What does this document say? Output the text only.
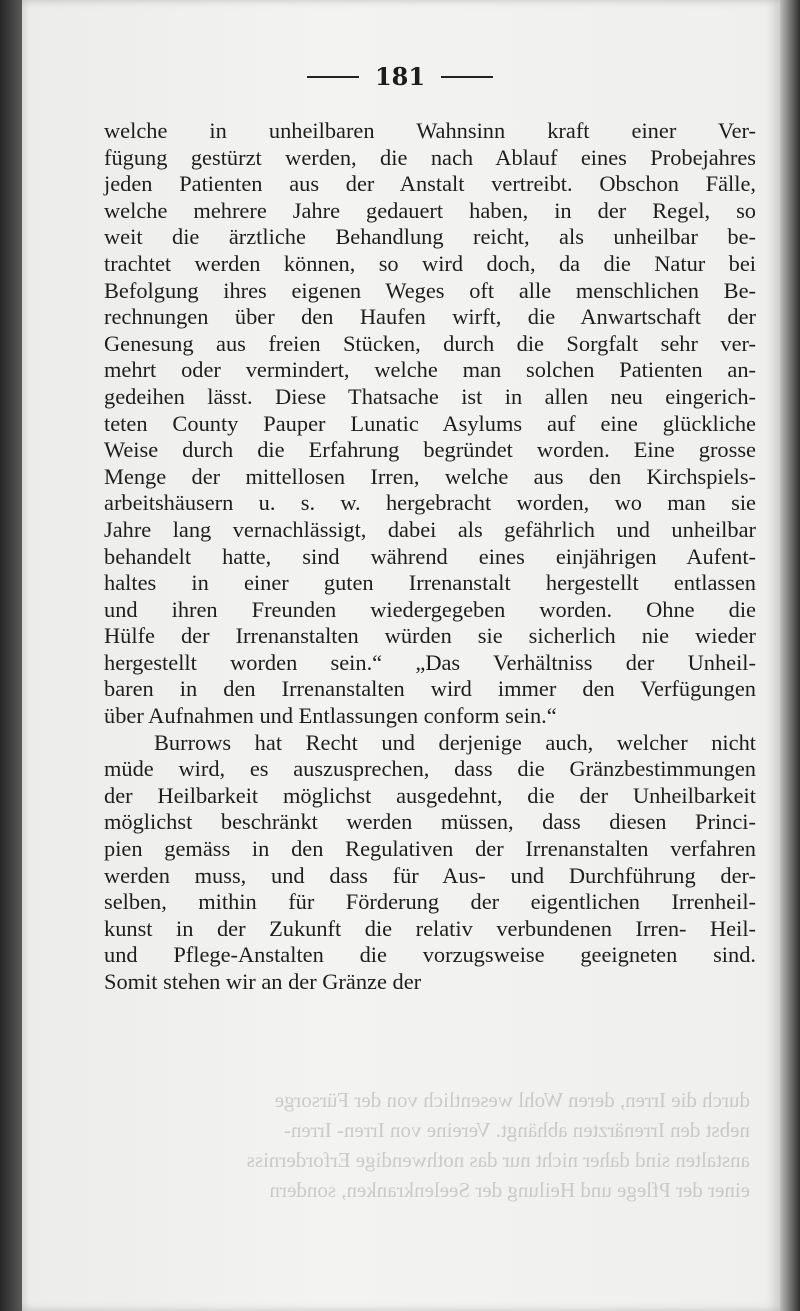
181
welche in unheilbaren Wahnsinn kraft einer Ver-
fügung gestürzt werden, die nach Ablauf eines Probejahres
jeden Patienten aus der Anstalt vertreibt. Obschon Fälle,
welche mehrere Jahre gedauert haben, in der Regel, so
weit die ärztliche Behandlung reicht, als unheilbar be-
trachtet werden können, so wird doch, da die Natur bei
Befolgung ihres eigenen Weges oft alle menschlichen Be-
rechnungen über den Haufen wirft, die Anwartschaft der
Genesung aus freien Stücken, durch die Sorgfalt sehr ver-
mehrt oder vermindert, welche man solchen Patienten an-
gedeihen lässt. Diese Thatsache ist in allen neu eingerich-
teten County Pauper Lunatic Asylums auf eine glückliche
Weise durch die Erfahrung begründet worden. Eine grosse
Menge der mittellosen Irren, welche aus den Kirchspiels-
arbeitshäusern u. s. w. hergebracht worden, wo man sie
Jahre lang vernachlässigt, dabei als gefährlich und unheilbar
behandelt hatte, sind während eines einjährigen Aufent-
haltes in einer guten Irrenanstalt hergestellt entlassen
und ihren Freunden wiedergegeben worden. Ohne die
Hülfe der Irrenanstalten würden sie sicherlich nie wieder
hergestellt worden sein.“ „Das Verhältniss der Unheil-
baren in den Irrenanstalten wird immer den Verfügungen
über Aufnahmen und Entlassungen conform sein.“
Burrows hat Recht und derjenige auch, welcher nicht
müde wird, es auszusprechen, dass die Gränzbestimmungen
der Heilbarkeit möglichst ausgedehnt, die der Unheilbarkeit
möglichst beschränkt werden müssen, dass diesen Princi-
pien gemäss in den Regulativen der Irrenanstalten verfahren
werden muss, und dass für Aus- und Durchführung der-
selben, mithin für Förderung der eigentlichen Irrenheil-
kunst in der Zukunft die relativ verbundenen Irren- Heil-
und Pflege-Anstalten die vorzugsweise geeigneten sind.
Somit stehen wir an der Gränze der
durch die Irren, deren Wohl wesentlich von der Fürsorge
nebst den Irrenärzten abhängt. Vereine von Irren- Irren-
anstalten sind daher nicht nur das nothwendige Erforderniss
einer der Pflege und Heilung der Seelenkranken, sondern
